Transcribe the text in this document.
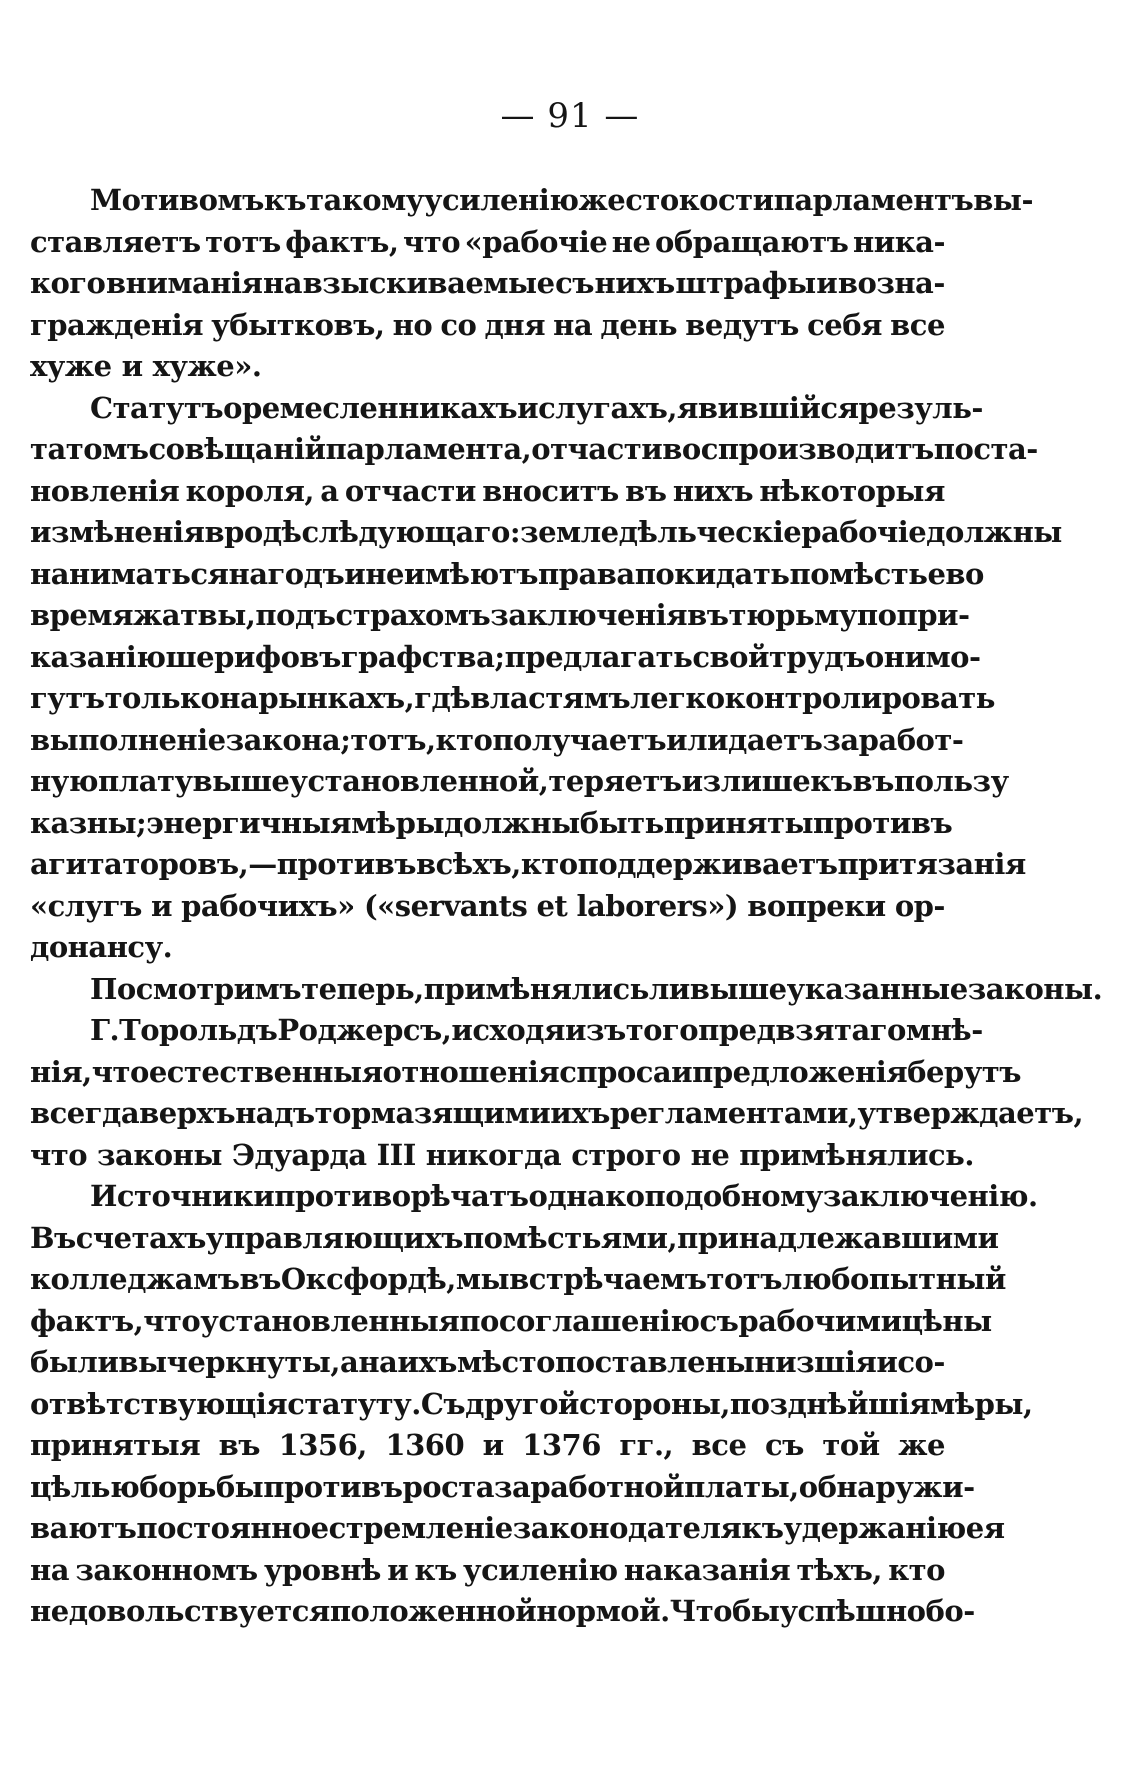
— 91 —
Мотивомъ къ такому усиленію жестокости парламентъ вы-
ставляетъ тотъ фактъ, что «рабочіе не обращаютъ ника-
кого вниманія на взыскиваемые съ нихъ штрафы и возна-
гражденія убытковъ, но со дня на день ведутъ себя все
хуже и хуже».
Статутъ о ремесленникахъ и слугахъ, явившійся резуль-
татомъ совѣщаній парламента, отчасти воспроизводитъ поста-
новленія короля, а отчасти вноситъ въ нихъ нѣкоторыя
измѣненія вродѣ слѣдующаго: земледѣльческіе рабочіе должны
наниматься на годъ и не имѣютъ права покидать помѣстье во
время жатвы, подъ страхомъ заключенія въ тюрьму по при-
казанію шерифовъ графства; предлагать свой трудъ они мо-
гутъ только на рынкахъ, гдѣ властямъ легко контролировать
выполненіе закона; тотъ, кто получаетъ или даетъ заработ-
ную плату выше установленной, теряетъ излишекъ въ пользу
казны; энергичныя мѣры должны быть приняты противъ
агитаторовъ,—противъ всѣхъ, кто поддерживаетъ притязанія
«слугъ и рабочихъ» («servants et laborers») вопреки ор-
донансу.
Посмотримъ теперь, примѣнялись ли вышеуказанные законы.
Г. Торольдъ Роджерсъ, исходя изъ того предвзятаго мнѣ-
нія, что естественныя отношенія спроса и предложенія берутъ
всегда верхъ надъ тормазящими ихъ регламентами, утверждаетъ,
что законы Эдуарда III никогда строго не примѣнялись.
Источники противорѣчатъ однако подобному заключенію.
Въ счетахъ управляющихъ помѣстьями, принадлежавшими
колледжамъ въ Оксфордѣ, мы встрѣчаемъ тотъ любопытный
фактъ, что установленныя по соглашенію съ рабочими цѣны
были вычеркнуты, а на ихъ мѣсто поставлены низшія и со-
отвѣтствующія статуту. Съ другой стороны, позднѣйшія мѣры,
принятыя въ 1356, 1360 и 1376 гг., все съ той же
цѣлью борьбы противъ роста заработной платы, обнаружи-
ваютъ постоянное стремленіе законодателя къ удержанію ея
на законномъ уровнѣ и къ усиленію наказанія тѣхъ, кто
не довольствуется положенной нормой. Чтобы успѣшно бо-
